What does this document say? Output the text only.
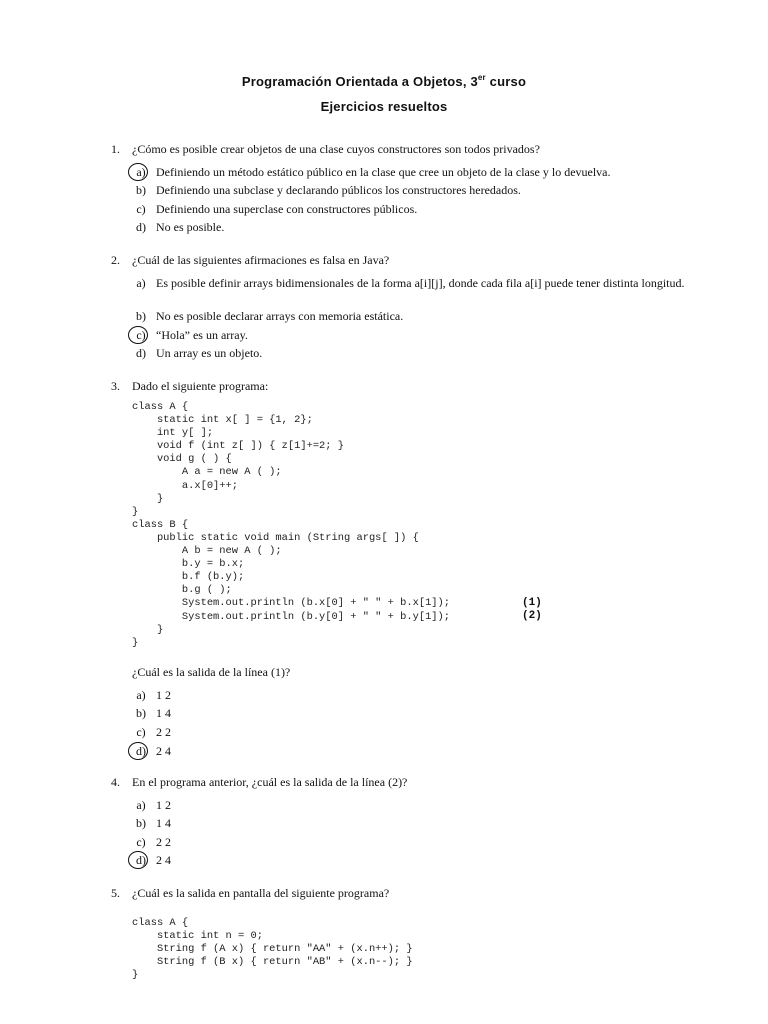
Programación Orientada a Objetos, 3er curso
Ejercicios resueltos
1. ¿Cómo es posible crear objetos de una clase cuyos constructores son todos privados?
a) Definiendo un método estático público en la clase que cree un objeto de la clase y lo devuelva.
b) Definiendo una subclase y declarando públicos los constructores heredados.
c) Definiendo una superclase con constructores públicos.
d) No es posible.
2. ¿Cuál de las siguientes afirmaciones es falsa en Java?
a) Es posible definir arrays bidimensionales de la forma a[i][j], donde cada fila a[i] puede tener distinta longitud.
b) No es posible declarar arrays con memoria estática.
c) “Hola” es un array.
d) Un array es un objeto.
3. Dado el siguiente programa:
class A {
static int x[ ] = {1, 2};
int y[ ];
void f (int z[ ]) { z[1]+=2; }
void g ( ) {
A a = new A ( );
a.x[0]++;
}
}
class B {
public static void main (String args[ ]) {
A b = new A ( );
b.y = b.x;
b.f (b.y);
b.g ( );
System.out.println (b.x[0] + " " + b.x[1]);
System.out.println (b.y[0] + " " + b.y[1]);
}
}
(1)
(2)
¿Cuál es la salida de la línea (1)?
a) 1 2
b) 1 4
c) 2 2
d) 2 4
4. En el programa anterior, ¿cuál es la salida de la línea (2)?
a) 1 2
b) 1 4
c) 2 2
d) 2 4
5. ¿Cuál es la salida en pantalla del siguiente programa?
class A {
static int n = 0;
String f (A x) { return "AA" + (x.n++); }
String f (B x) { return "AB" + (x.n--); }
}
